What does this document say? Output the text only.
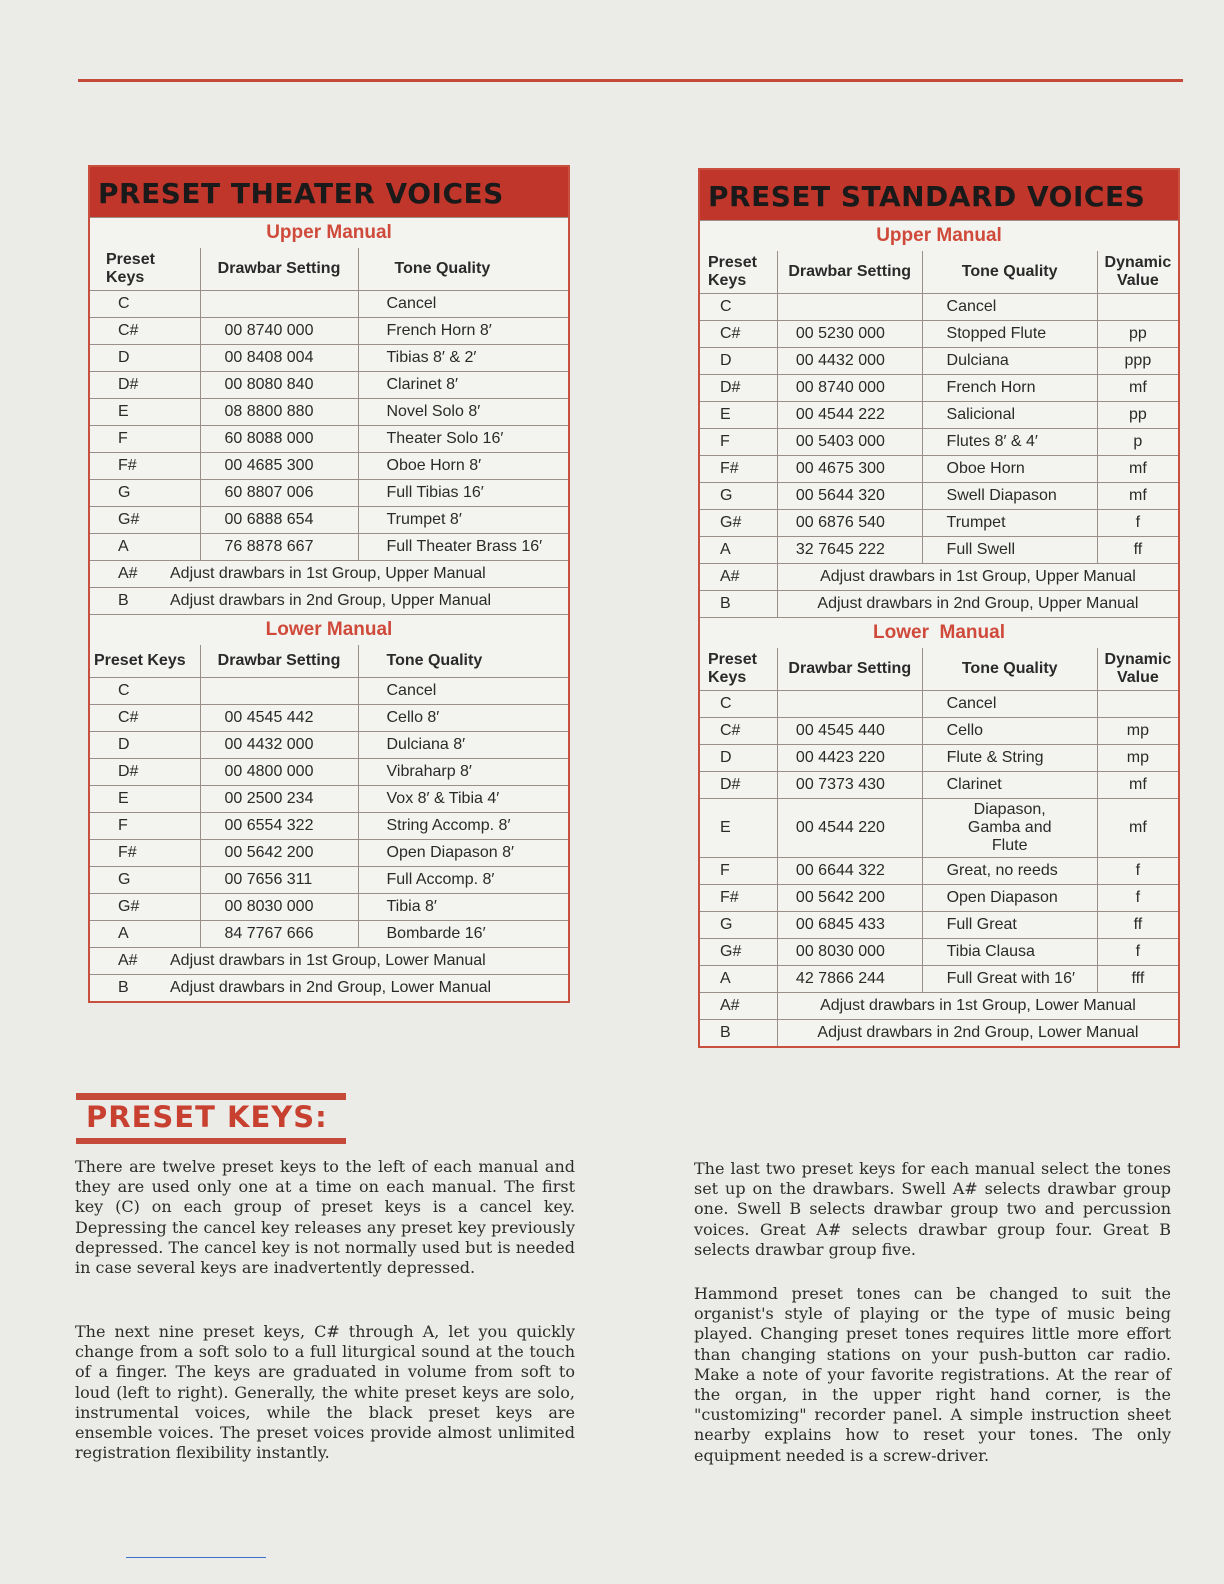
PRESET THEATER VOICES
Upper Manual
Preset Keys	Drawbar Setting	Tone Quality
C		Cancel
C#	00 8740 000	French Horn 8′
D	00 8408 004	Tibias 8′ & 2′
D#	00 8080 840	Clarinet 8′
E	08 8800 880	Novel Solo 8′
F	60 8088 000	Theater Solo 16′
F#	00 4685 300	Oboe Horn 8′
G	60 8807 006	Full Tibias 16′
G#	00 6888 654	Trumpet 8′
A	76 8878 667	Full Theater Brass 16′
A# Adjust drawbars in 1st Group, Upper Manual		
B Adjust drawbars in 2nd Group, Upper Manual		
Lower Manual
Preset Keys	Drawbar Setting	Tone Quality
C		Cancel
C#	00 4545 442	Cello 8′
D	00 4432 000	Dulciana 8′
D#	00 4800 000	Vibraharp 8′
E	00 2500 234	Vox 8′ & Tibia 4′
F	00 6554 322	String Accomp. 8′
F#	00 5642 200	Open Diapason 8′
G	00 7656 311	Full Accomp. 8′
G#	00 8030 000	Tibia 8′
A	84 7767 666	Bombarde 16′
A# Adjust drawbars in 1st Group, Lower Manual		
B Adjust drawbars in 2nd Group, Lower Manual		
PRESET STANDARD VOICES
Upper Manual
Preset Keys	Drawbar Setting	Tone Quality	Dynamic Value
C		Cancel	
C#	00 5230 000	Stopped Flute	pp
D	00 4432 000	Dulciana	ppp
D#	00 8740 000	French Horn	mf
E	00 4544 222	Salicional	pp
F	00 5403 000	Flutes 8′ & 4′	p
F#	00 4675 300	Oboe Horn	mf
G	00 5644 320	Swell Diapason	mf
G#	00 6876 540	Trumpet	f
A	32 7645 222	Full Swell	ff
A#	Adjust drawbars in 1st Group, Upper Manual		
B	Adjust drawbars in 2nd Group, Upper Manual		
Lower  Manual
Preset Keys	Drawbar Setting	Tone Quality	Dynamic Value
C		Cancel	
C#	00 4545 440	Cello	mp
D	00 4423 220	Flute & String	mp
D#	00 7373 430	Clarinet	mf
E	00 4544 220	Diapason, Gamba and Flute	mf
F	00 6644 322	Great, no reeds	f
F#	00 5642 200	Open Diapason	f
G	00 6845 433	Full Great	ff
G#	00 8030 000	Tibia Clausa	f
A	42 7866 244	Full Great with 16′	fff
A#	Adjust drawbars in 1st Group, Lower Manual		
B	Adjust drawbars in 2nd Group, Lower Manual		
PRESET KEYS:
There are twelve preset keys to the left of each manual and they are used only one at a time on each manual. The first key (C) on each group of preset keys is a cancel key. Depressing the cancel key releases any preset key previously depressed. The cancel key is not normally used but is needed in case several keys are inadvertently depressed.
The next nine preset keys, C# through A, let you quickly change from a soft solo to a full liturgical sound at the touch of a finger. The keys are graduated in volume from soft to loud (left to right). Generally, the white preset keys are solo, instrumental voices, while the black preset keys are ensemble voices. The preset voices provide almost unlimited registration flexibility instantly.
The last two preset keys for each manual select the tones set up on the drawbars. Swell A# selects drawbar group one. Swell B selects drawbar group two and percussion voices. Great A# selects drawbar group four. Great B selects drawbar group five.
Hammond preset tones can be changed to suit the organist's style of playing or the type of music being played. Changing preset tones requires little more effort than changing stations on your push-button car radio. Make a note of your favorite registrations. At the rear of the organ, in the upper right hand corner, is the "customizing" recorder panel. A simple instruction sheet nearby explains how to reset your tones. The only equipment needed is a screw-driver.
